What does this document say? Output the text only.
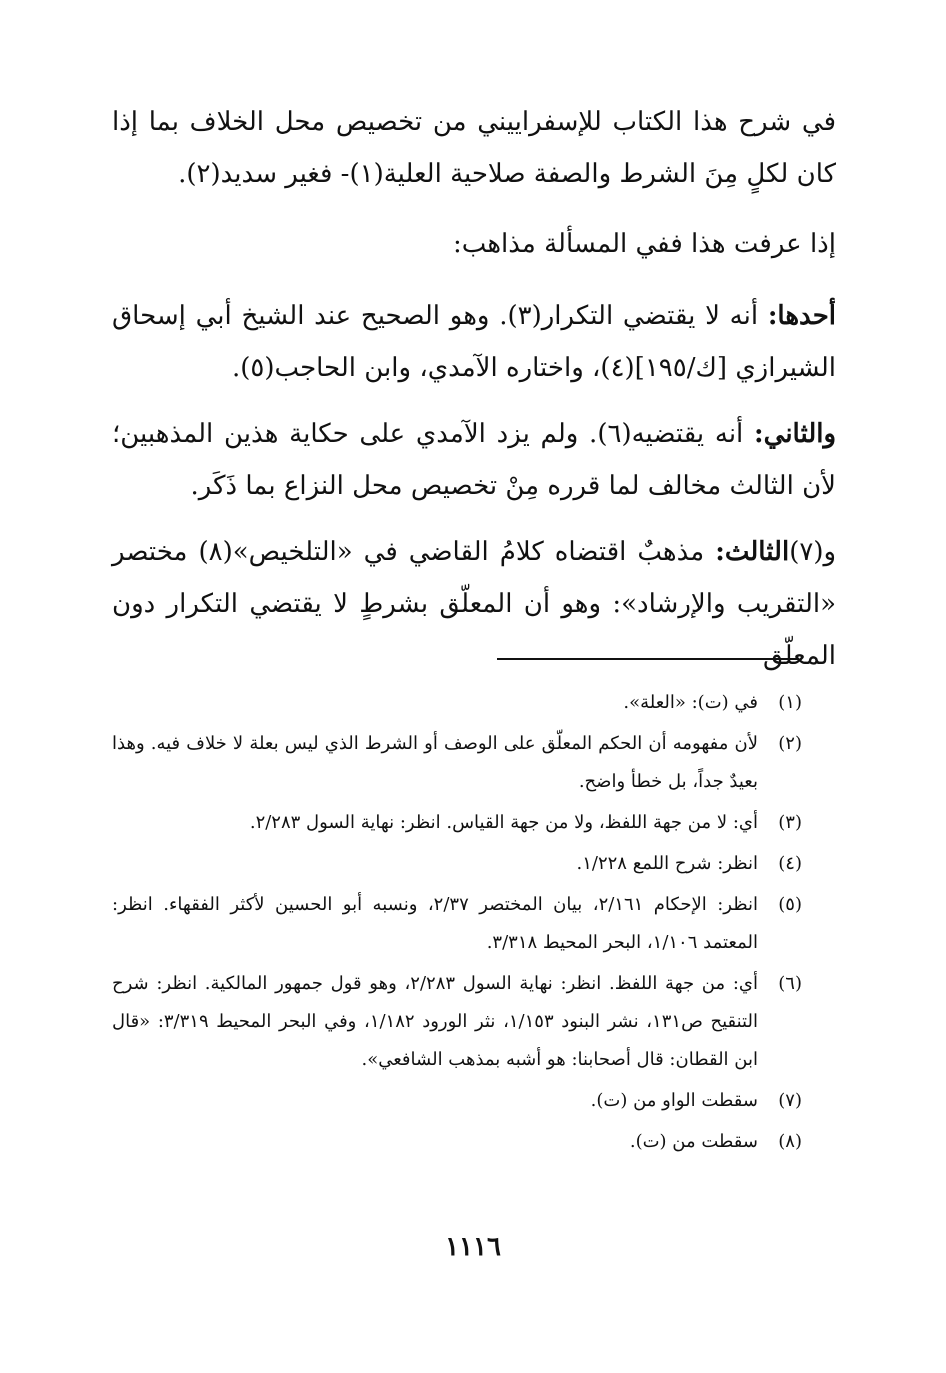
في شرح هذا الكتاب للإسفراييني من تخصيص محل الخلاف بما إذا كان لكلٍ مِنَ الشرط والصفة صلاحية العلية(١)- فغير سديد(٢).

إذا عرفت هذا ففي المسألة مذاهب:

أحدها: أنه لا يقتضي التكرار(٣). وهو الصحيح عند الشيخ أبي إسحاق الشيرازي [ك/١٩٥](٤)، واختاره الآمدي، وابن الحاجب(٥).

والثاني: أنه يقتضيه(٦). ولم يزد الآمدي على حكاية هذين المذهبين؛ لأن الثالث مخالف لما قرره مِنْ تخصيص محل النزاع بما ذَكَر.

و(٧)الثالث: مذهبٌ اقتضاه كلامُ القاضي في «التلخيص»(٨) مختصر «التقريب والإرشاد»: وهو أن المعلّق بشرطٍ لا يقتضي التكرار دون المعلّق

(١)
في (ت): «العلة».
(٢)
لأن مفهومه أن الحكم المعلّق على الوصف أو الشرط الذي ليس بعلة لا خلاف فيه. وهذا بعيدٌ جداً، بل خطأ واضح.
(٣)
أي: لا من جهة اللفظ، ولا من جهة القياس. انظر: نهاية السول ٢/٢٨٣.
(٤)
انظر: شرح اللمع ١/٢٢٨.
(٥)
انظر: الإحكام ٢/١٦١، بيان المختصر ٢/٣٧، ونسبه أبو الحسين لأكثر الفقهاء. انظر: المعتمد ١/١٠٦، البحر المحيط ٣/٣١٨.
(٦)
أي: من جهة اللفظ. انظر: نهاية السول ٢/٢٨٣، وهو قول جمهور المالكية. انظر: شرح التنقيح ص١٣١، نشر البنود ١/١٥٣، نثر الورود ١/١٨٢، وفي البحر المحيط ٣/٣١٩: «قال ابن القطان: قال أصحابنا: هو أشبه بمذهب الشافعي».
(٧)
سقطت الواو من (ت).
(٨)
سقطت من (ت).
١١١٦
